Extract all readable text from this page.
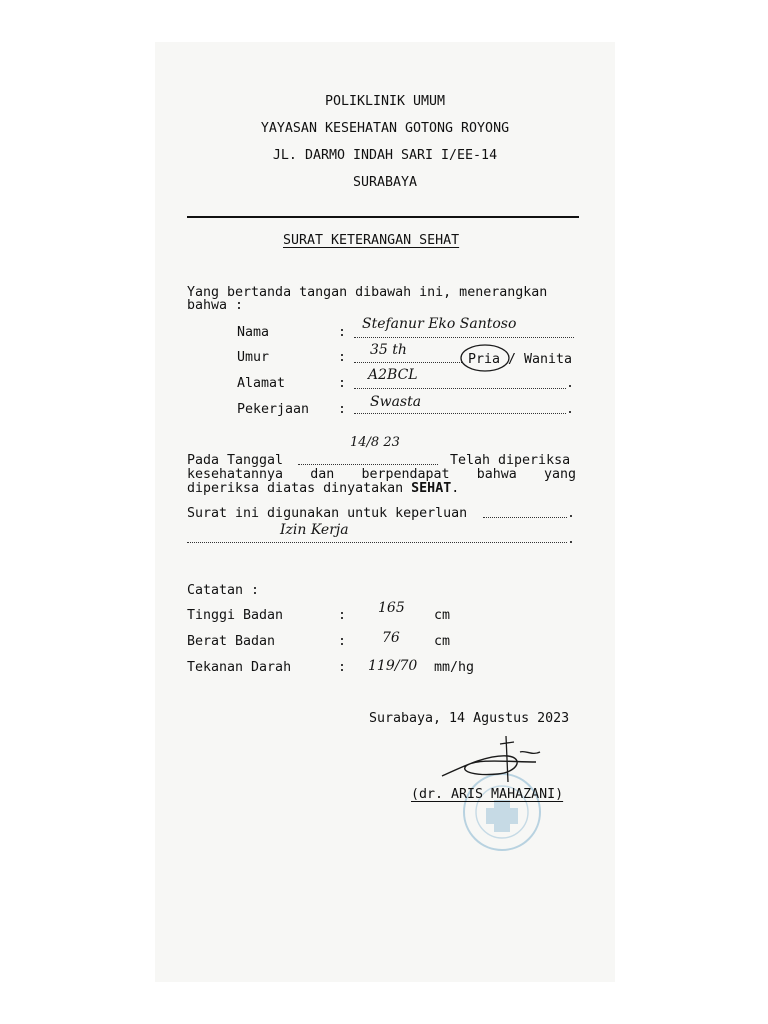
POLIKLINIK UMUM
YAYASAN KESEHATAN GOTONG ROYONG
JL. DARMO INDAH SARI I/EE-14
SURABAYA
SURAT KETERANGAN SEHAT
Yang bertanda tangan dibawah ini, menerangkan
bahwa :
Nama	:
Stefanur Eko Santoso
Umur	: 35 th
Pria / Wanita
Alamat	:
A2BCL
.
Pekerjaan : Swasta	.
Pada Tanggal
14/8 23
Telah diperiksa
kesehatannya dan berpendapat bahwa yang
diperiksa diatas dinyatakan SEHAT.
Surat ini digunakan untuk keperluan	.
Izin Kerja
.
Catatan :
Tinggi Badan	: 165 cm
Berat Badan	:	76	cm
Tekanan Darah	: 119/70 mm/hg
Surabaya, 14 Agustus 2023
(dr. ARIS MAHAZANI)
